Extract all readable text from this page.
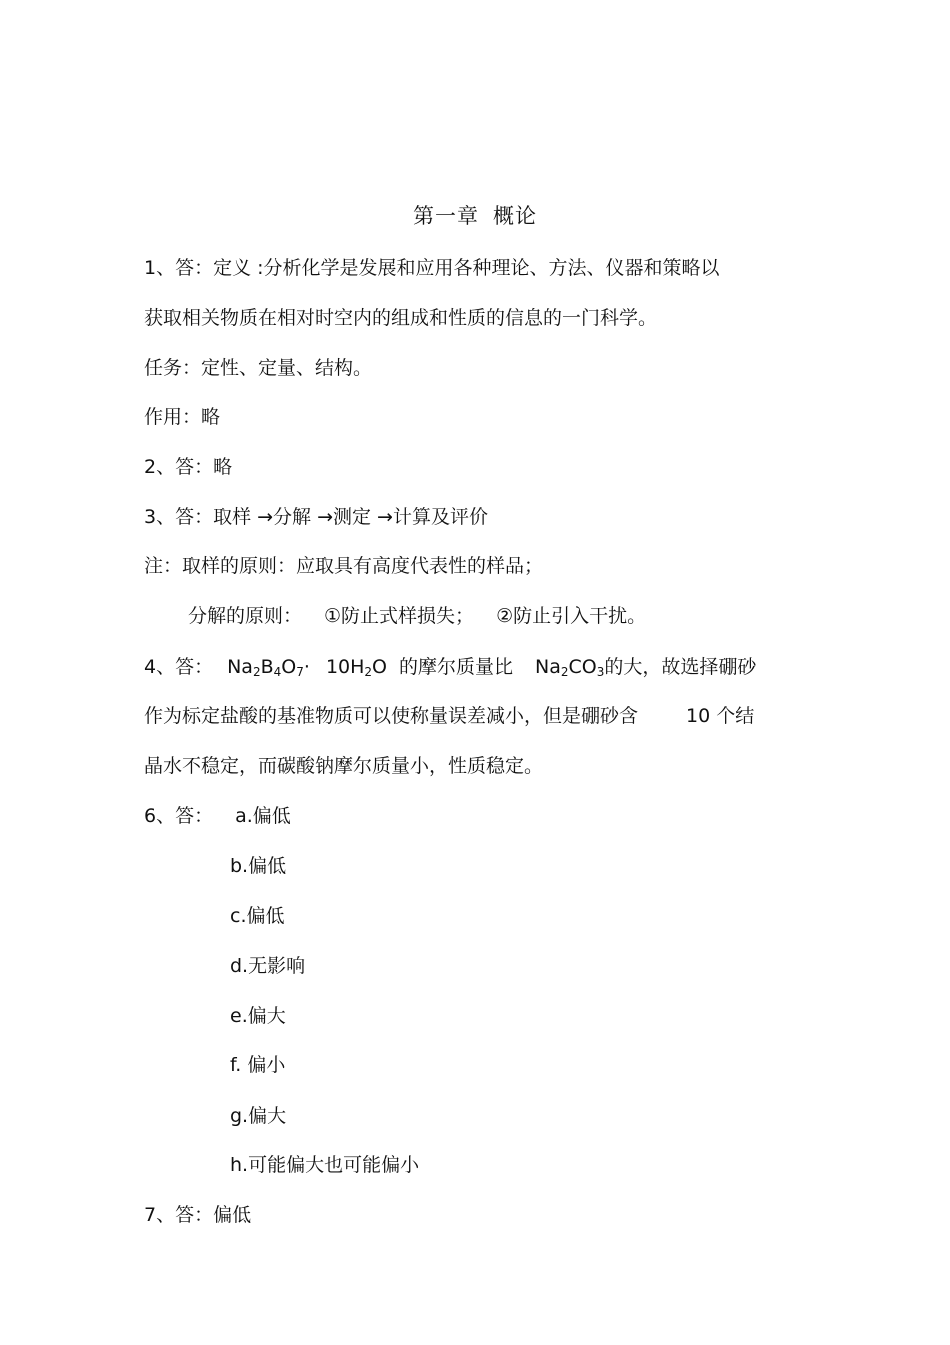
第一章 概论
1、答：定义 :分析化学是发展和应用各种理论、方法、仪器和策略以
获取相关物质在相对时空内的组成和性质的信息的一门科学。
任务：定性、定量、结构。
作用：略
2、答：略
3、答：取样 →分解 →测定 →计算及评价
注：取样的原则：应取具有高度代表性的样品；
分解的原则： ①防止式样损失； ②防止引入干扰。
4、答： $Na_2B_4O_7\cdot 10H_2O$ 的摩尔质量比 $Na_2CO_3$的大，故选择硼砂
作为标定盐酸的基准物质可以使称量误差减小，但是硼砂含	10 个结
晶水不稳定，而碳酸钠摩尔质量小，性质稳定。
6、答： a.偏低
b.偏低
c.偏低
d.无影响
e.偏大
f. 偏小
g.偏大
h.可能偏大也可能偏小
7、答：偏低
